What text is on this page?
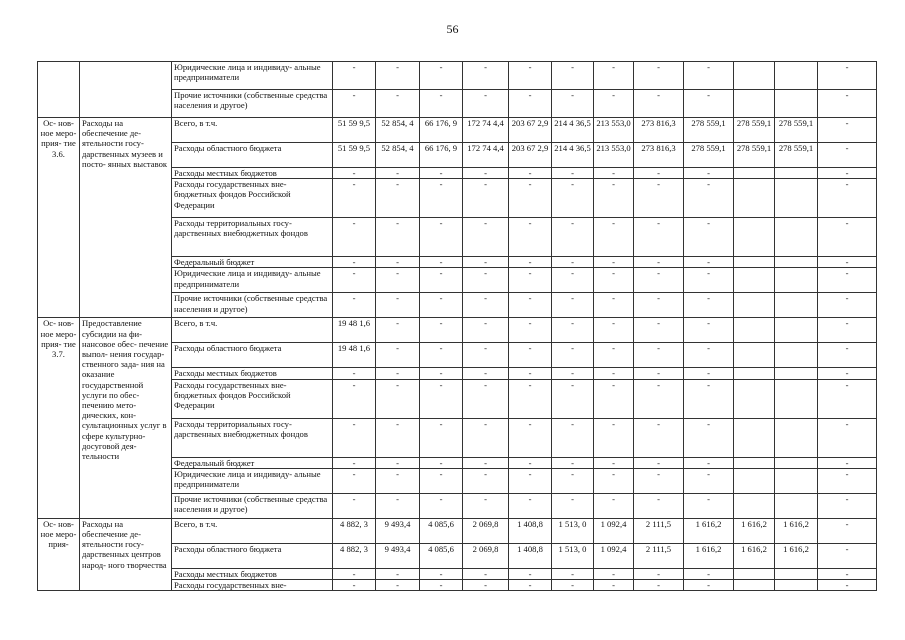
56
		Юридические лица и индивиду- альные предприниматели	-	-	-	-	-	-	-	-	-			-
		Прочие источники (собственные средства населения и другое)	-	-	-	-	-	-	-	-	-			-
Ос- нов- ное меро- прия- тие 3.6.	Расходы на обеспечение де- ятельности госу- дарственных музеев и посто- янных выставок	Всего, в т.ч.	51 59 9,5	52 854, 4	66 176, 9	172 74 4,4	203 67 2,9	214 4 36,5	213 553,0	273 816,3	278 559,1	278 559,1	278 559,1	-
		Расходы областного бюджета	51 59 9,5	52 854, 4	66 176, 9	172 74 4,4	203 67 2,9	214 4 36,5	213 553,0	273 816,3	278 559,1	278 559,1	278 559,1	-
		Расходы местных бюджетов	-	-	-	-	-	-	-	-	-			-
		Расходы государственных вне- бюджетных фондов Российской Федерации	-	-	-	-	-	-	-	-	-			-
		Расходы территориальных госу- дарственных внебюджетных фондов	-	-	-	-	-	-	-	-	-			-
		Федеральный бюджет	-	-	-	-	-	-	-	-	-			-
		Юридические лица и индивиду- альные предприниматели	-	-	-	-	-	-	-	-	-			-
		Прочие источники (собственные средства населения и другое)	-	-	-	-	-	-	-	-	-			-
Ос- нов- ное меро- прия- тие 3.7.	Предоставление субсидии на фи- нансовое обес- печение выпол- нения государ- ственного зада- ния на оказание государственной услуги по обес- печению мето- дических, кон- сультационных услуг в сфере культурно- досуговой дея- тельности	Всего, в т.ч.	19 48 1,6	-	-	-	-	-	-	-	-			-
		Расходы областного бюджета	19 48 1,6	-	-	-	-	-	-	-	-			-
		Расходы местных бюджетов	-	-	-	-	-	-	-	-	-			-
		Расходы государственных вне- бюджетных фондов Российской Федерации	-	-	-	-	-	-	-	-	-			-
		Расходы территориальных госу- дарственных внебюджетных фондов	-	-	-	-	-	-	-	-	-			-
		Федеральный бюджет	-	-	-	-	-	-	-	-	-			-
		Юридические лица и индивиду- альные предприниматели	-	-	-	-	-	-	-	-	-			-
		Прочие источники (собственные средства населения и другое)	-	-	-	-	-	-	-	-	-			-
Ос- нов- ное меро- прия-	Расходы на обеспечение де- ятельности госу- дарственных центров народ- ного творчества	Всего, в т.ч.	4 882, 3	9 493,4	4 085,6	2 069,8	1 408,8	1 513, 0	1 092,4	2 111,5	1 616,2	1 616,2	1 616,2	-
		Расходы областного бюджета	4 882, 3	9 493,4	4 085,6	2 069,8	1 408,8	1 513, 0	1 092,4	2 111,5	1 616,2	1 616,2	1 616,2	-
		Расходы местных бюджетов	-	-	-	-	-	-	-	-	-			-
		Расходы государственных вне-	-	-	-	-	-	-	-	-	-			-
